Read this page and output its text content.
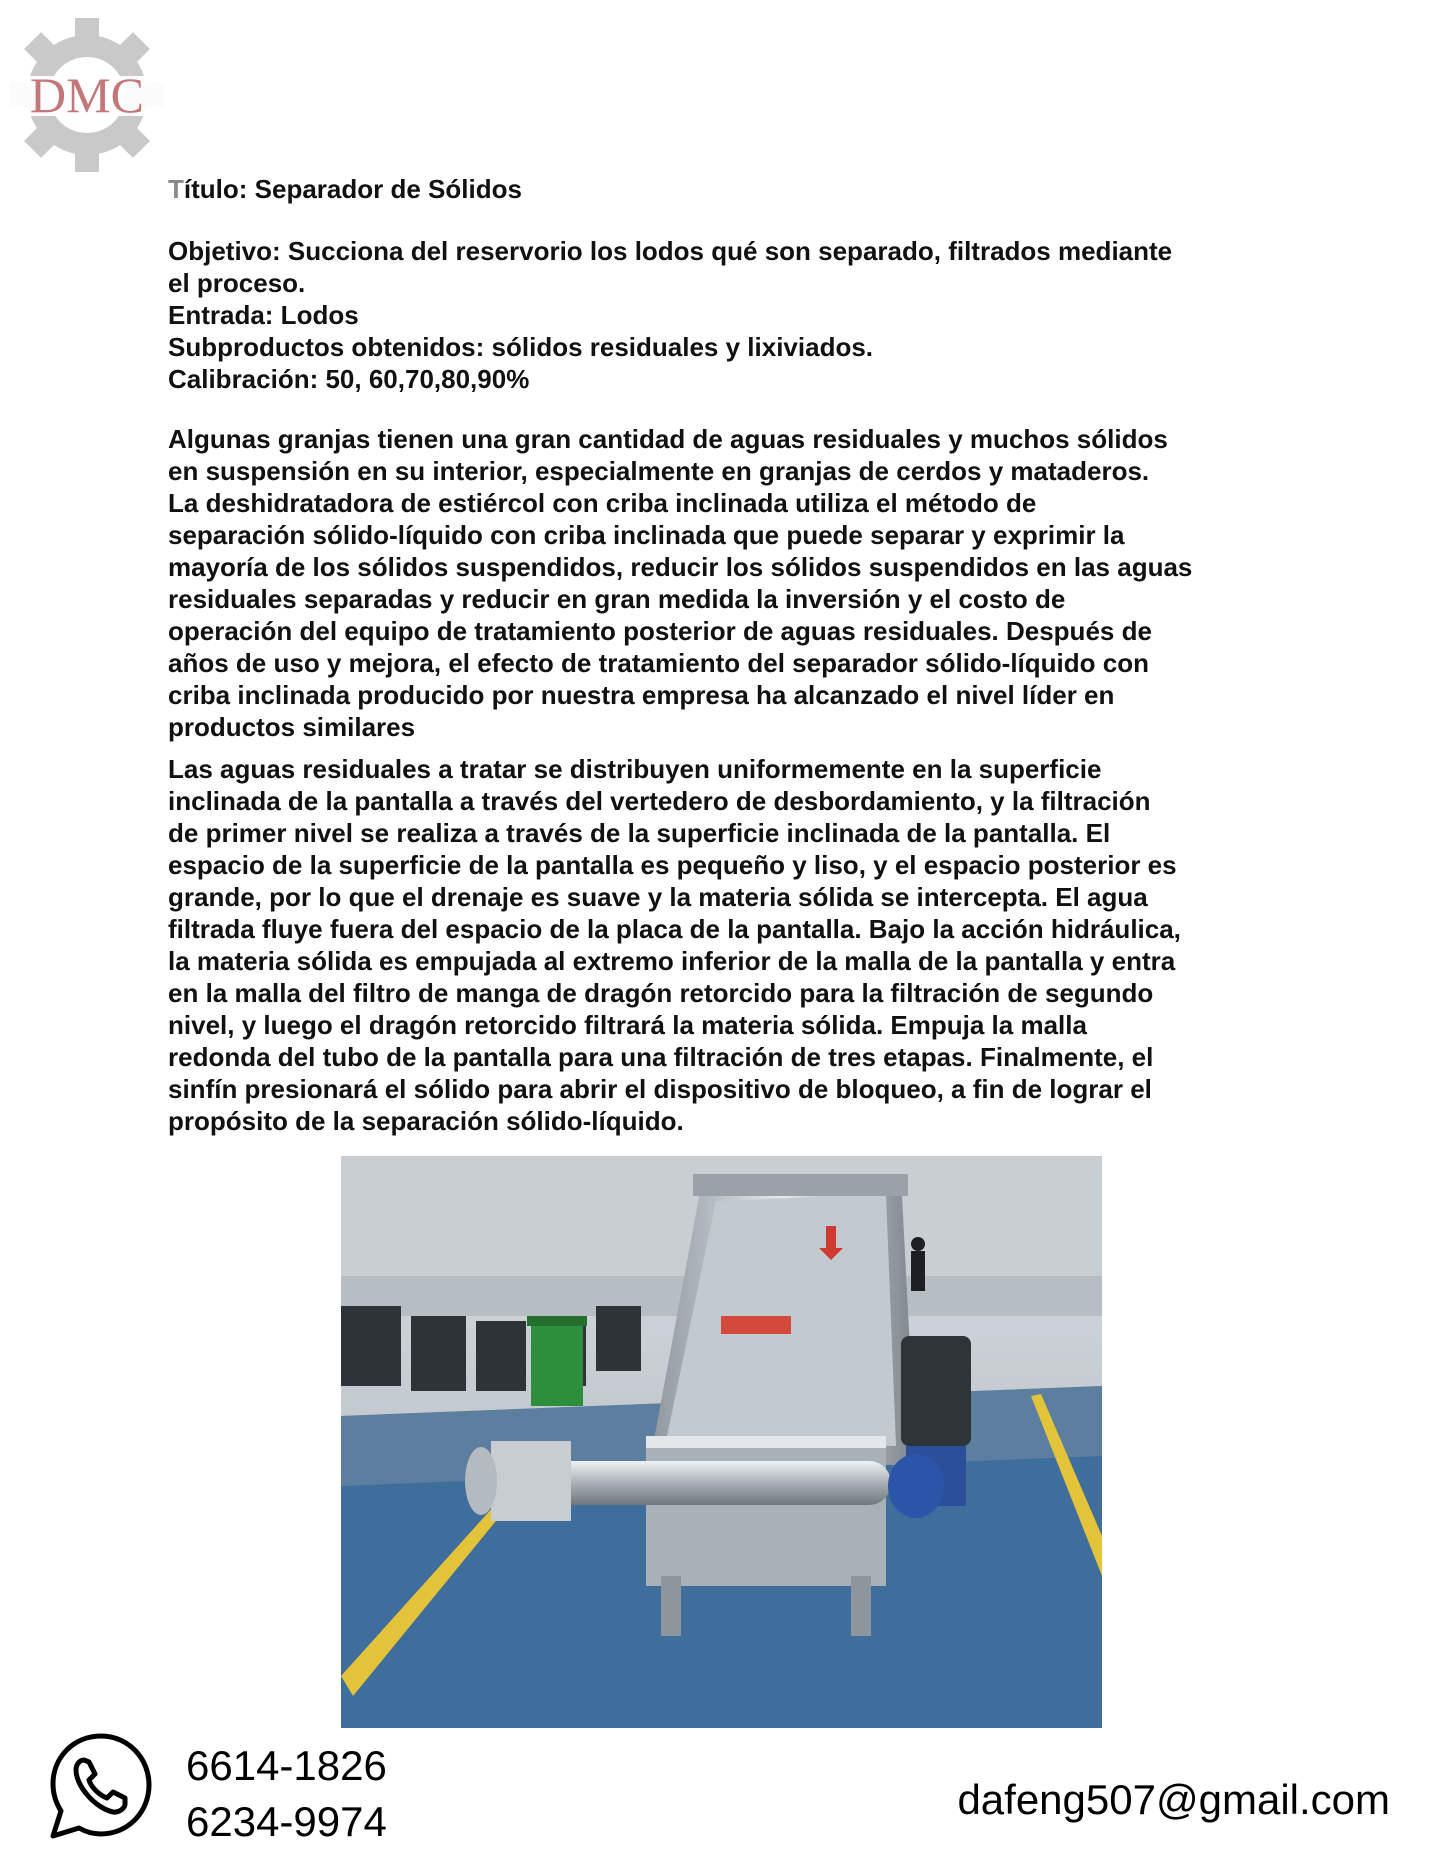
DMC

Título: Separador de Sólidos

Objetivo: Succiona del reservorio los lodos qué son separado, filtrados mediante
el proceso.
Entrada: Lodos
Subproductos obtenidos: sólidos residuales y lixiviados.
Calibración: 50, 60,70,80,90%

Algunas granjas tienen una gran cantidad de aguas residuales y muchos sólidos
en suspensión en su interior, especialmente en granjas de cerdos y mataderos.
La deshidratadora de estiércol con criba inclinada utiliza el método de
separación sólido-líquido con criba inclinada que puede separar y exprimir la
mayoría de los sólidos suspendidos, reducir los sólidos suspendidos en las aguas
residuales separadas y reducir en gran medida la inversión y el costo de
operación del equipo de tratamiento posterior de aguas residuales. Después de
años de uso y mejora, el efecto de tratamiento del separador sólido-líquido con
criba inclinada producido por nuestra empresa ha alcanzado el nivel líder en
productos similares

Las aguas residuales a tratar se distribuyen uniformemente en la superficie
inclinada de la pantalla a través del vertedero de desbordamiento, y la filtración
de primer nivel se realiza a través de la superficie inclinada de la pantalla. El
espacio de la superficie de la pantalla es pequeño y liso, y el espacio posterior es
grande, por lo que el drenaje es suave y la materia sólida se intercepta. El agua
filtrada fluye fuera del espacio de la placa de la pantalla. Bajo la acción hidráulica,
la materia sólida es empujada al extremo inferior de la malla de la pantalla y entra
en la malla del filtro de manga de dragón retorcido para la filtración de segundo
nivel, y luego el dragón retorcido filtrará la materia sólida. Empuja la malla
redonda del tubo de la pantalla para una filtración de tres etapas. Finalmente, el
sinfín presionará el sólido para abrir el dispositivo de bloqueo, a fin de lograr el
propósito de la separación sólido-líquido.

6614-1826
6234-9974	dafeng507@gmail.com
